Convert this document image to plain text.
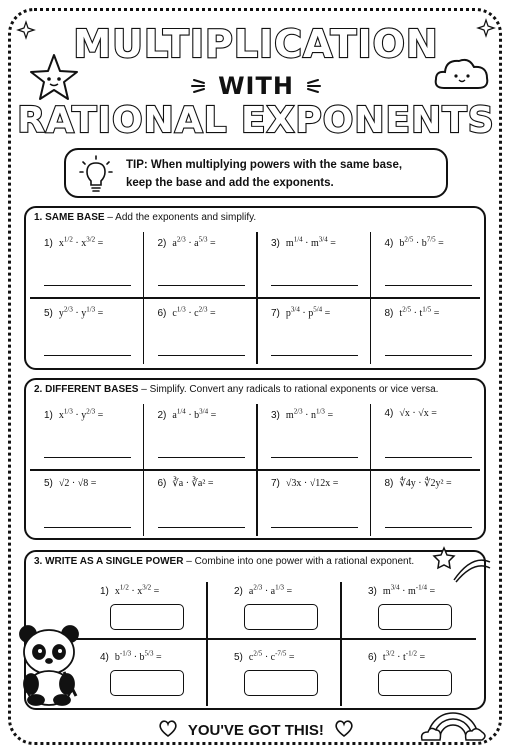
MULTIPLICATION
WITH
RATIONAL EXPONENTS
TIP: When multiplying powers with the same base,
keep the base and add the exponents.
1. SAME BASE – Add the exponents and simplify.
1) $x^{1/2} \cdot x^{3/2}$ =	2) $a^{2/3} \cdot a^{5/3}$ =	3) $m^{1/4} \cdot m^{3/4}$ =	4) $b^{2/5} \cdot b^{7/5}$ =
5) $y^{2/3} \cdot y^{1/3}$ =	6) $c^{1/3} \cdot c^{2/3}$ =	7) $p^{3/4} \cdot p^{5/4}$ =	8) $t^{2/5} \cdot t^{1/5}$ =
2. DIFFERENT BASES – Simplify. Convert any radicals to rational exponents or vice versa.
1) $x^{1/3} \cdot y^{2/3}$ =	2) $a^{1/4} \cdot b^{3/4}$ =	3) $m^{2/3} \cdot n^{1/3}$ =	4) √x · √x =
5) √2 · √8 =	6) ∛a · ∛a² =	7) √3x · √12x =	8) ∜4y · ∜2y² =
3. WRITE AS A SINGLE POWER – Combine into one power with a rational exponent.
1) $x^{1/2} \cdot x^{3/2}$ =	2) $a^{2/3} \cdot a^{1/3}$ =	3) $m^{3/4} \cdot m^{-1/4}$ =
4) $b^{-1/3} \cdot b^{5/3}$ =	5) $c^{2/5} \cdot c^{-7/5}$ =	6) $t^{3/2} \cdot t^{-1/2}$ =
YOU'VE GOT THIS!
